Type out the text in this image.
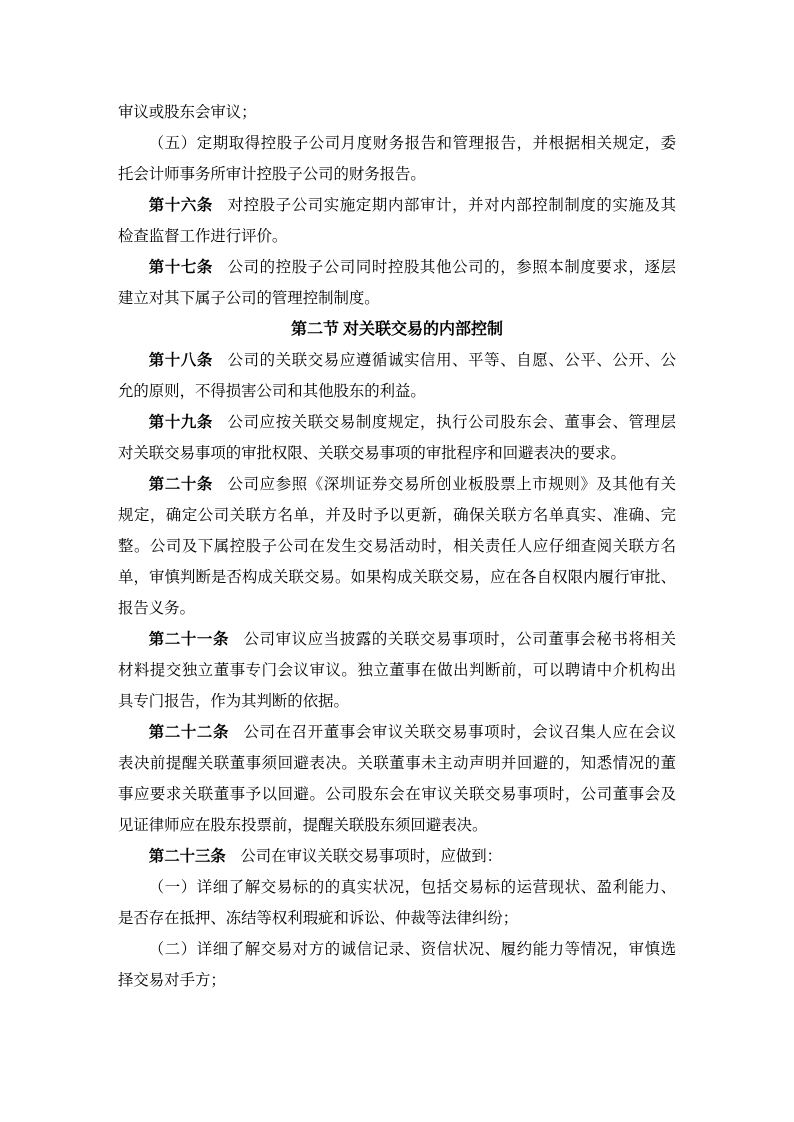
审议或股东会审议；
（五）定期取得控股子公司月度财务报告和管理报告，并根据相关规定，委
托会计师事务所审计控股子公司的财务报告。
第十六条 对控股子公司实施定期内部审计，并对内部控制制度的实施及其
检查监督工作进行评价。
第十七条 公司的控股子公司同时控股其他公司的，参照本制度要求，逐层
建立对其下属子公司的管理控制制度。
第二节 对关联交易的内部控制
第十八条 公司的关联交易应遵循诚实信用、平等、自愿、公平、公开、公
允的原则，不得损害公司和其他股东的利益。
第十九条 公司应按关联交易制度规定，执行公司股东会、董事会、管理层
对关联交易事项的审批权限、关联交易事项的审批程序和回避表决的要求。
第二十条 公司应参照《深圳证券交易所创业板股票上市规则》及其他有关
规定，确定公司关联方名单，并及时予以更新，确保关联方名单真实、准确、完
整。公司及下属控股子公司在发生交易活动时，相关责任人应仔细查阅关联方名
单，审慎判断是否构成关联交易。如果构成关联交易，应在各自权限内履行审批、
报告义务。
第二十一条 公司审议应当披露的关联交易事项时，公司董事会秘书将相关
材料提交独立董事专门会议审议。独立董事在做出判断前，可以聘请中介机构出
具专门报告，作为其判断的依据。
第二十二条 公司在召开董事会审议关联交易事项时，会议召集人应在会议
表决前提醒关联董事须回避表决。关联董事未主动声明并回避的，知悉情况的董
事应要求关联董事予以回避。公司股东会在审议关联交易事项时，公司董事会及
见证律师应在股东投票前，提醒关联股东须回避表决。
第二十三条 公司在审议关联交易事项时，应做到：
（一）详细了解交易标的的真实状况，包括交易标的运营现状、盈利能力、
是否存在抵押、冻结等权利瑕疵和诉讼、仲裁等法律纠纷；
（二）详细了解交易对方的诚信记录、资信状况、履约能力等情况，审慎选
择交易对手方；
